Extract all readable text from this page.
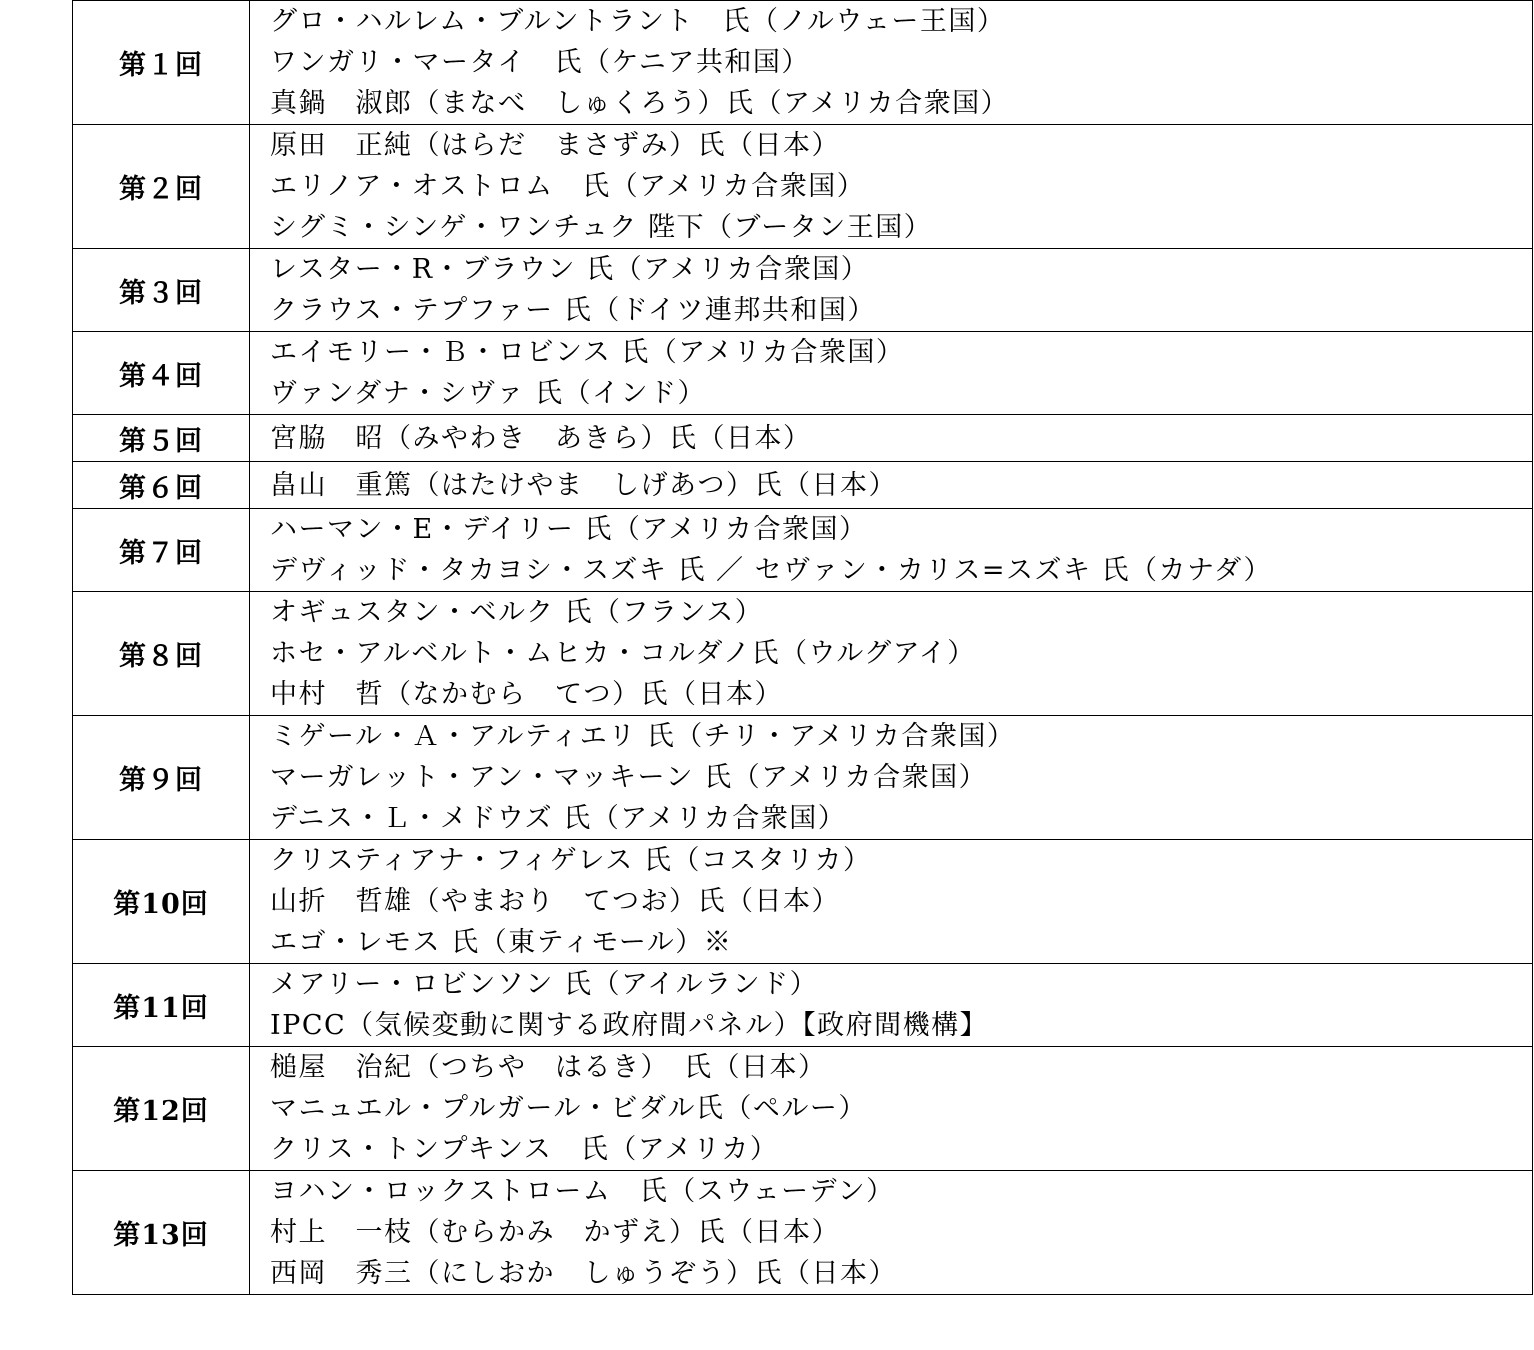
第１回	グロ・ハルレム・ブルントラント　氏（ノルウェー王国）
ワンガリ・マータイ　氏（ケニア共和国）
真鍋　淑郎（まなべ　しゅくろう）氏（アメリカ合衆国）

第２回	原田　正純（はらだ　まさずみ）氏（日本）
エリノア・オストロム　氏（アメリカ合衆国）
シグミ・シンゲ・ワンチュク 陛下（ブータン王国）

第３回	レスター・R・ブラウン 氏（アメリカ合衆国）
クラウス・テプファー 氏（ドイツ連邦共和国）

第４回	エイモリー・Ｂ・ロビンス 氏（アメリカ合衆国）
ヴァンダナ・シヴァ 氏（インド）

第５回	宮脇　昭（みやわき　あきら）氏（日本）

第６回	畠山　重篤（はたけやま　しげあつ）氏（日本）

第７回	ハーマン・E・デイリー 氏（アメリカ合衆国）
デヴィッド・タカヨシ・スズキ 氏 ／ セヴァン・カリス=スズキ 氏（カナダ）

第８回	オギュスタン・ベルク 氏（フランス）
ホセ・アルベルト・ムヒカ・コルダノ氏（ウルグアイ）
中村　哲（なかむら　てつ）氏（日本）

第９回	ミゲール・Ａ・アルティエリ 氏（チリ・アメリカ合衆国）
マーガレット・アン・マッキーン 氏（アメリカ合衆国）
デニス・Ｌ・メドウズ 氏（アメリカ合衆国）

第10回	クリスティアナ・フィゲレス 氏（コスタリカ）
山折　哲雄（やまおり　てつお）氏（日本）
エゴ・レモス 氏（東ティモール）※

第11回	メアリー・ロビンソン 氏（アイルランド）
IPCC（気候変動に関する政府間パネル）【政府間機構】

第12回	槌屋　治紀（つちや　はるき）　氏（日本）
マニュエル・プルガール・ビダル氏（ペルー）
クリス・トンプキンス　氏（アメリカ）

第13回	ヨハン・ロックストローム　氏（スウェーデン）
村上　一枝（むらかみ　かずえ）氏（日本）
西岡　秀三（にしおか　しゅうぞう）氏（日本）
